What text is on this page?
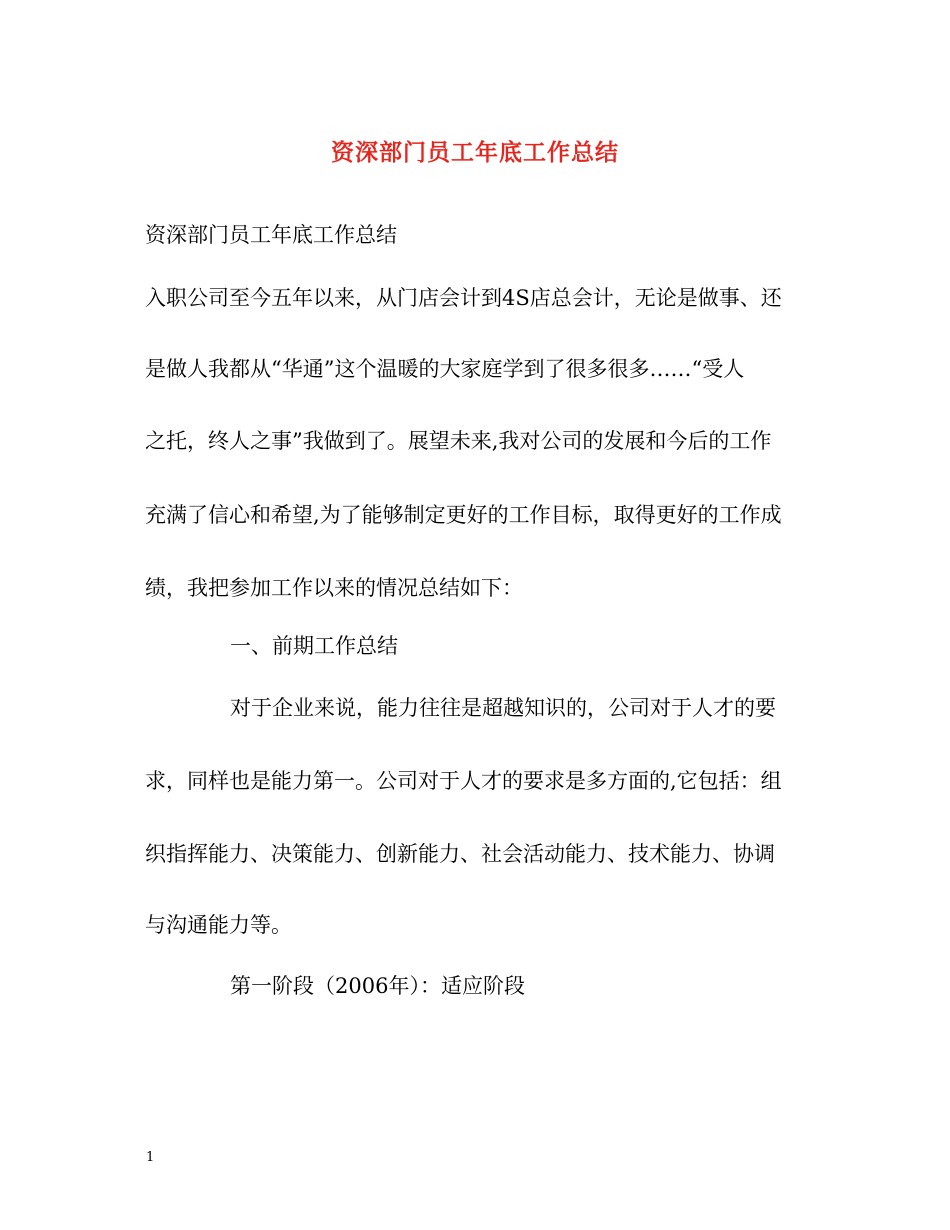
资深部门员工年底工作总结
资深部门员工年底工作总结
入职公司至今五年以来，从门店会计到4S店总会计，无论是做事、还
是做人我都从“华通”这个温暖的大家庭学到了很多很多……“受人
之托，终人之事”我做到了。展望未来,我对公司的发展和今后的工作
充满了信心和希望,为了能够制定更好的工作目标，取得更好的工作成
绩，我把参加工作以来的情况总结如下：
一、前期工作总结
对于企业来说，能力往往是超越知识的，公司对于人才的要
求，同样也是能力第一。公司对于人才的要求是多方面的,它包括：组
织指挥能力、决策能力、创新能力、社会活动能力、技术能力、协调
与沟通能力等。
第一阶段（2006年）：适应阶段
1
